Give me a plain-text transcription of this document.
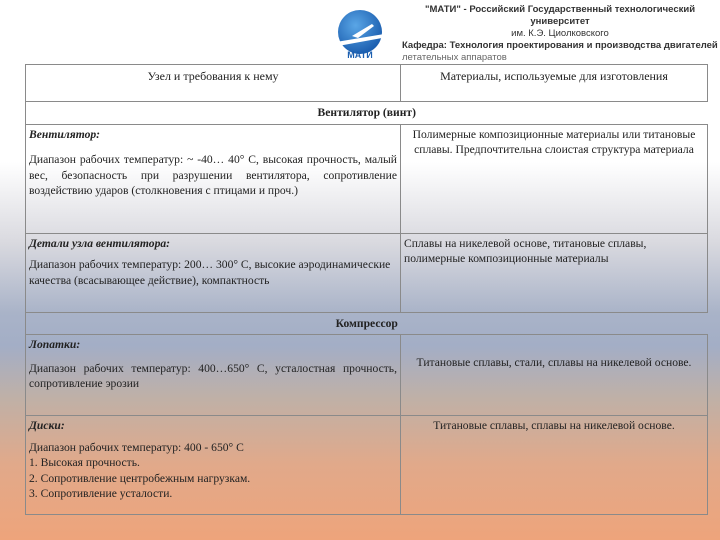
МАТИ
"МАТИ" - Российский Государственный технологический университет
им. К.Э. Циолковского
Кафедра: Технология проектирования и производства двигателей
летательных аппаратов
Узел и требования к нему	Материалы, используемые для изготовления
Вентилятор (винт)	

Вентилятор:

Диапазон рабочих температур: ~ -40… 40° С, высокая прочность, малый вес, безопасность при разрушении вентилятора, сопротивление воздействию ударов (столкновения с птицами и проч.)	Полимерные композиционные материалы или титановые сплавы. Предпочтительна слоистая структура материала

Детали узла вентилятора:

Диапазон рабочих температур: 200… 300° С, высокие аэродинамические качества (всасывающее действие), компактность	Сплавы на никелевой основе, титановые сплавы, полимерные композиционные материалы

Компрессор	

Лопатки:

Диапазон рабочих температур: 400…650° С, усталостная прочность, сопротивление эрозии	Титановые сплавы, стали, сплавы на никелевой основе.

Диски:

Диапазон рабочих температур: 400 - 650° С

1. Высокая прочность.

2. Сопротивление центробежным нагрузкам.

3. Сопротивление усталости.	Титановые сплавы, сплавы на никелевой основе.
